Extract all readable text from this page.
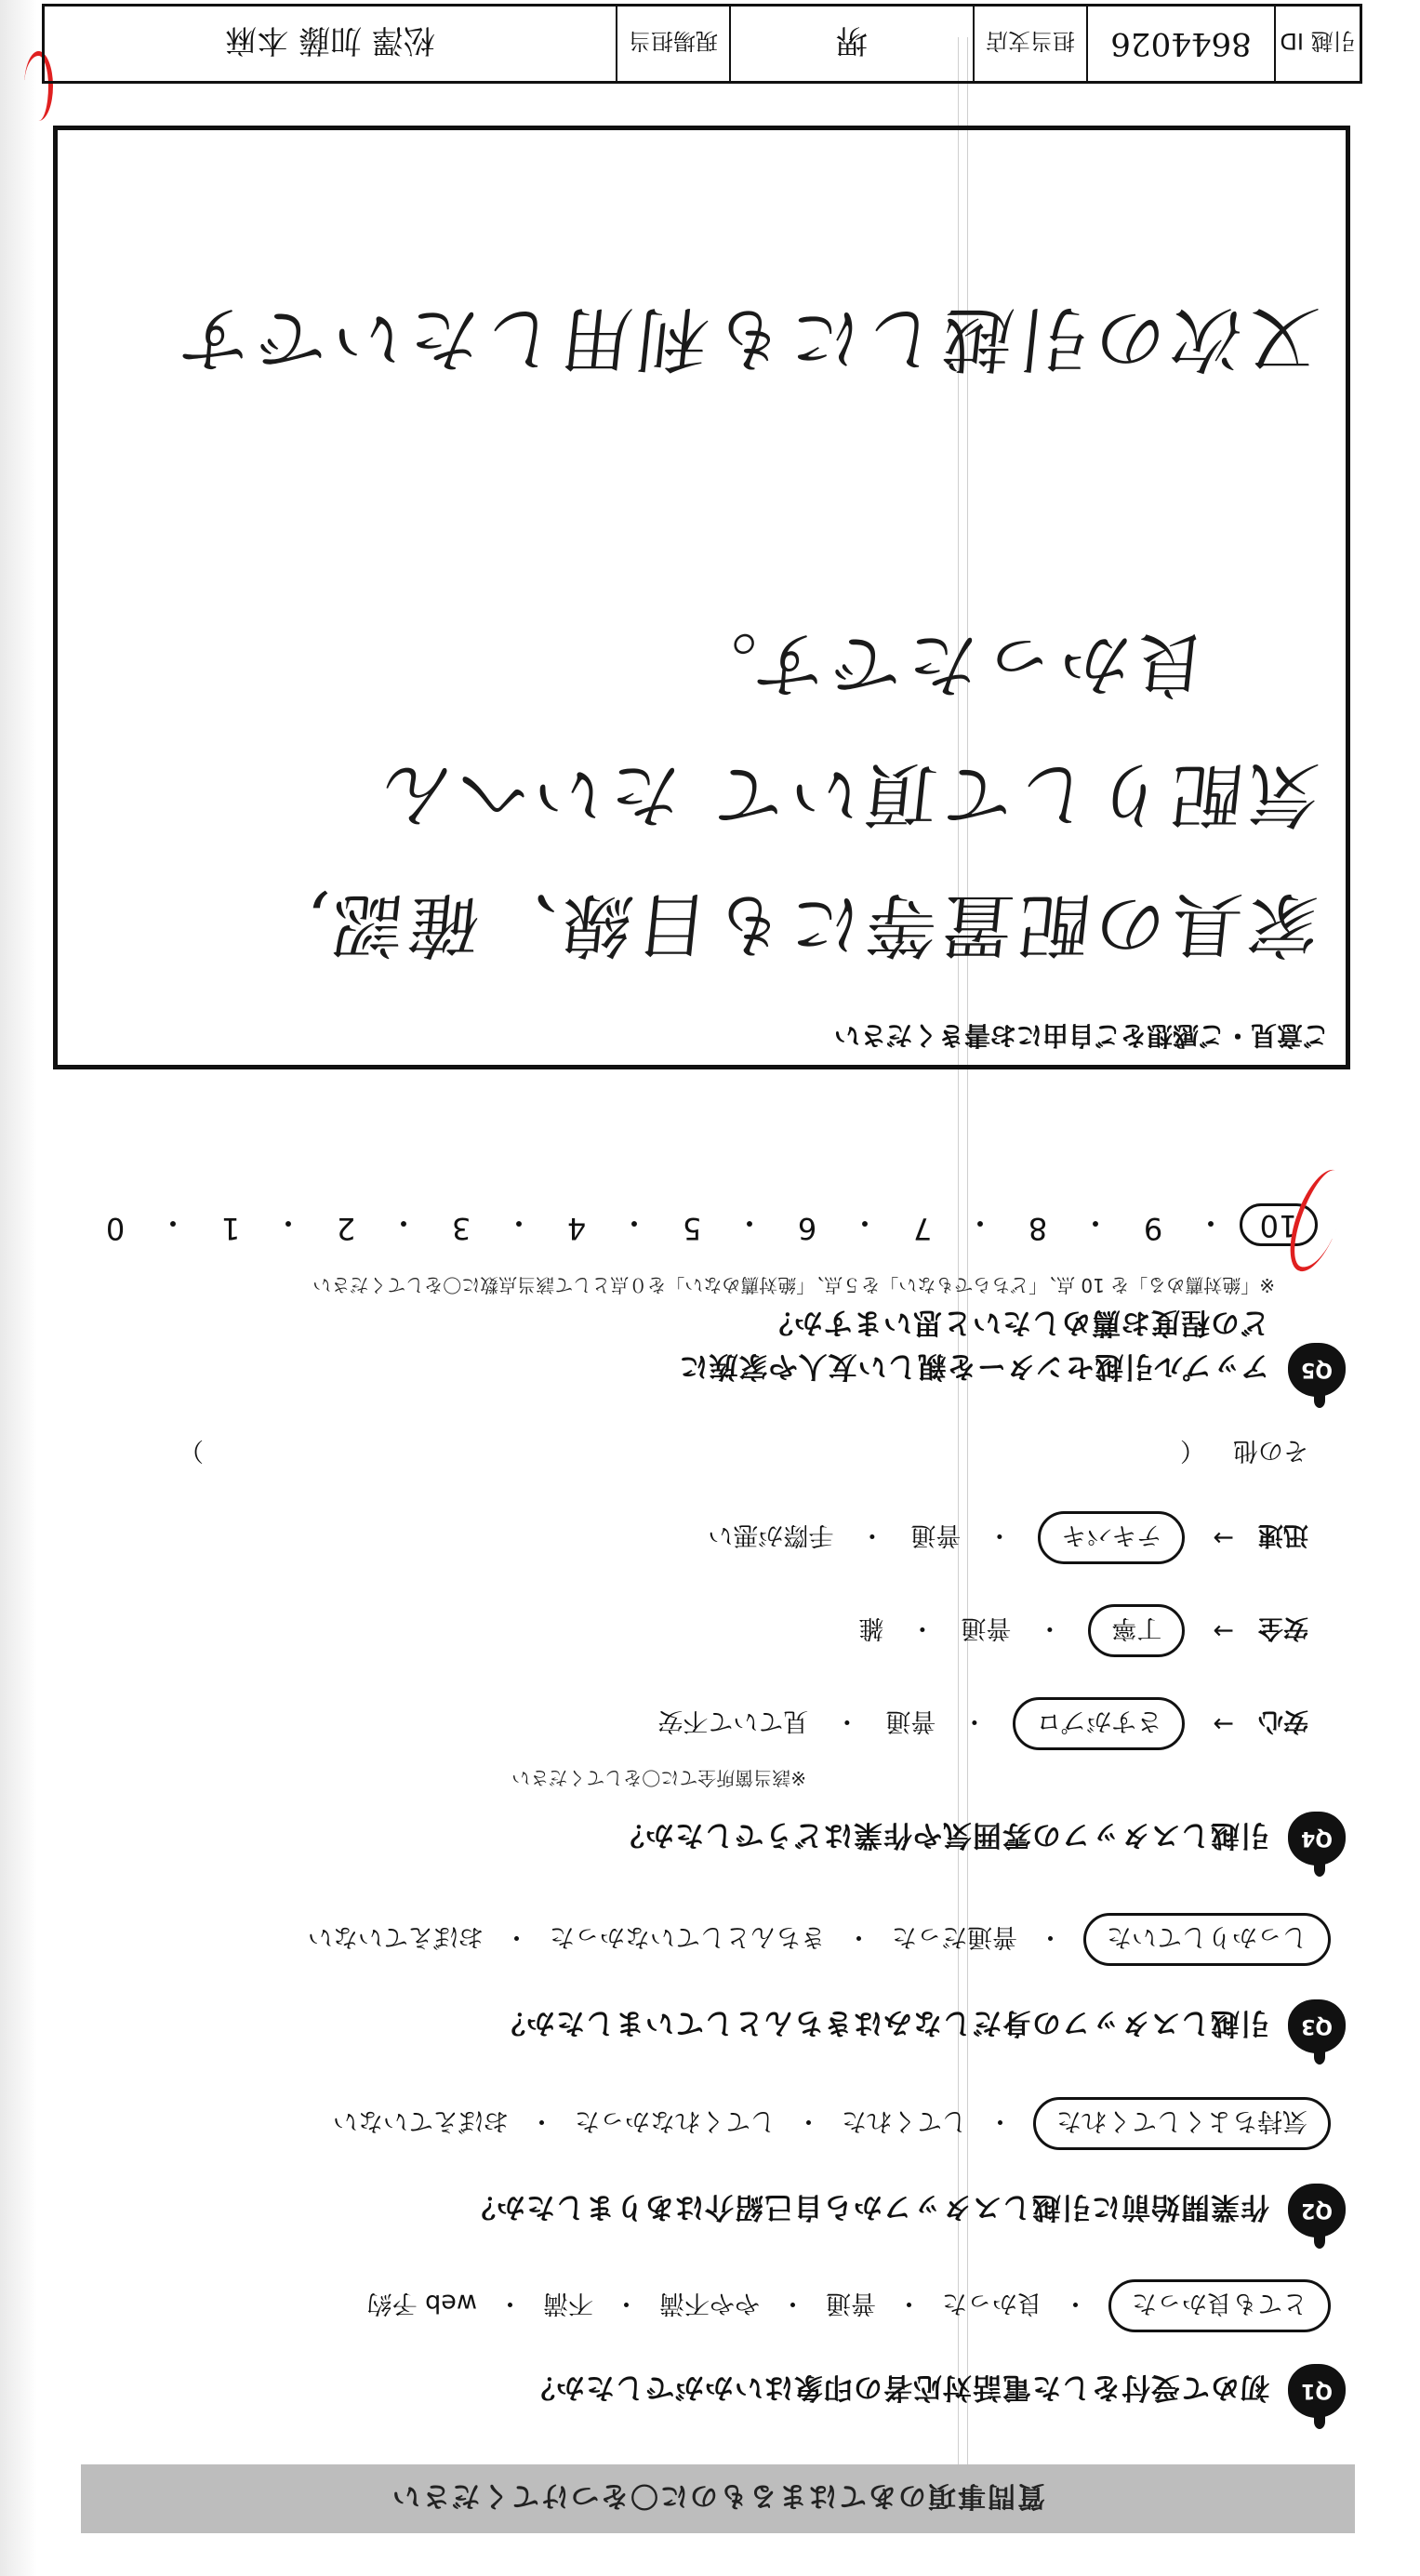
質問事項のあてはまるものに〇をつけてください
Q1
初めて受付をした電話対応者の印象はいかがでしたか？
とても良かった
・
良かった
・
普通
・
やや不満
・
不満
・
web 予約
Q2
作業開始前に引越しスタッフから自己紹介はありましたか？
気持ちよくしてくれた
・
してくれた
・
してくれなかった
・
おぼえていない
Q3
引越しスタッフの身だしなみはきちんとしていましたか？
しっかりしていた
・
普通だった
・
きちんとしていなかった
・
おぼえていない
Q4
引越しスタッフの雰囲気や作業はどうでしたか？
※該当箇所全てに〇をしてください
安心
→
さすがプロ
・
普通
・
見ていて不安
安全
→
丁寧
・
普通
・
雑
迅速
→
テキパキ
・
普通
・
手際が悪い
その他
（
）
Q5
アップル引越センターを親しい友人や家族に
どの程度お薦めしたいと思いますか？
※「絶対薦める」を 10 点、「どちらでもない」を５点、「絶対薦めない」を０点として該当点数に〇をしてください
10
・
9
・
8
・
7
・
6
・
5
・
4
・
3
・
2
・
1
・
0
ご意見・ご感想をご自由にお書きください
家具の配置等にも目線、確認,
気配りして頂いて たいへん
良かったです。
又次の引越しにも利用したいです
引越 ID
8644026
担当支店
堺
現場担当
松澤 加藤 本麻
